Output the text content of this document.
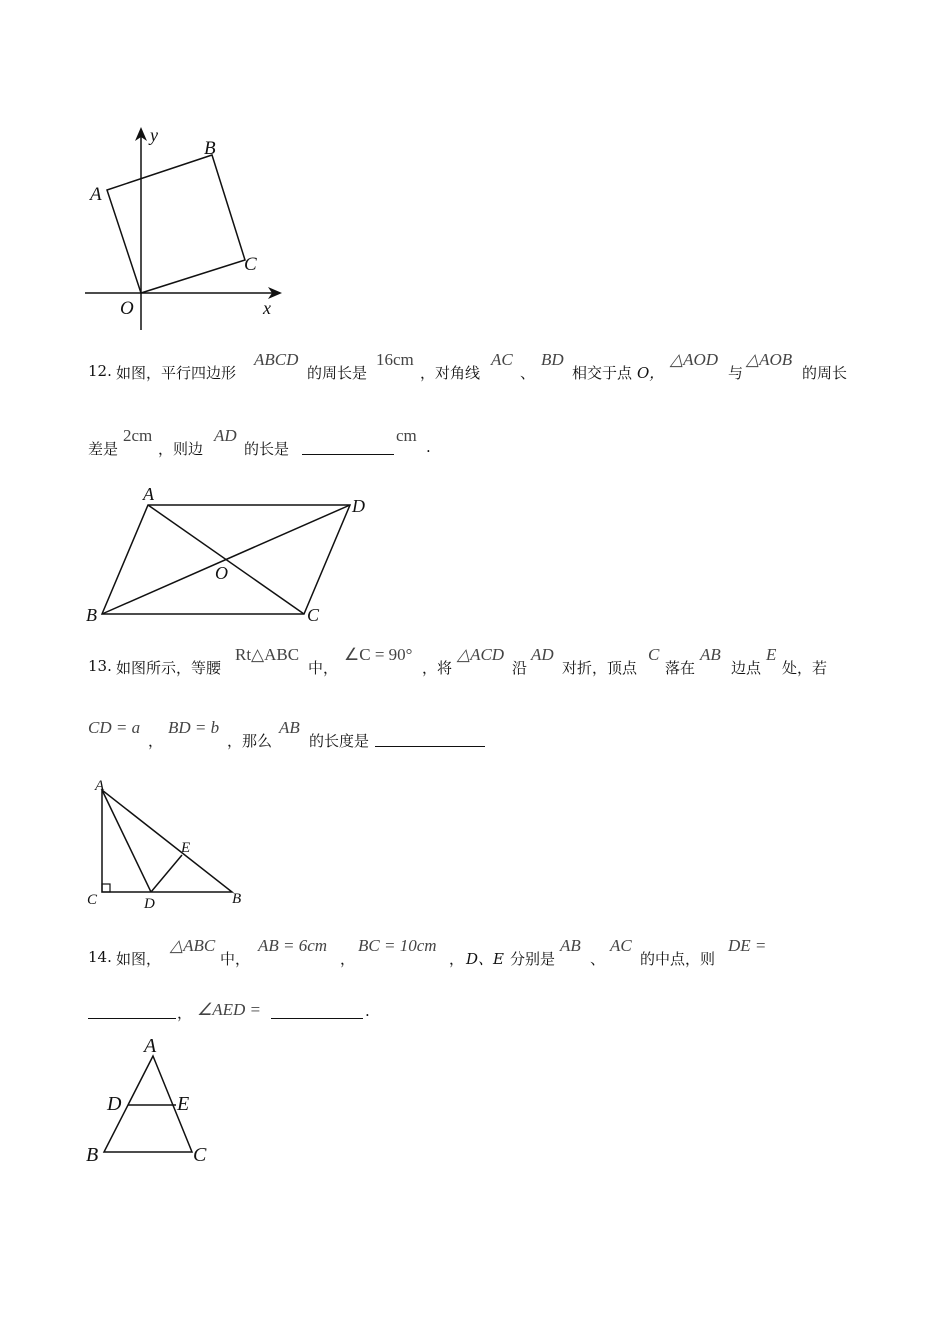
y
x
O
A
B
C
12. 如图，平行四边形
ABCD
的周长是
16cm
，对角线
AC
、
BD
相交于点 O，
△AOD
与
△AOB
的周长
差是
2cm
，则边
AD
的长是
cm
.
A
D
B	C
O
13. 如图所示，等腰
Rt△ABC
中，
∠C = 90°
，将
△ACD
沿
AD
对折，顶点
C
落在
AB
边点
E
处，若
CD = a
，
BD = b
，那么
AB
的长度是
A
C	D	B
E
14. 如图，
△ABC
中，
AB = 6cm
，
BC = 10cm
， D、E 分别是
AB
、
AC
的中点，则
DE =
， ∠AED =	.
A
D	E
B	C
